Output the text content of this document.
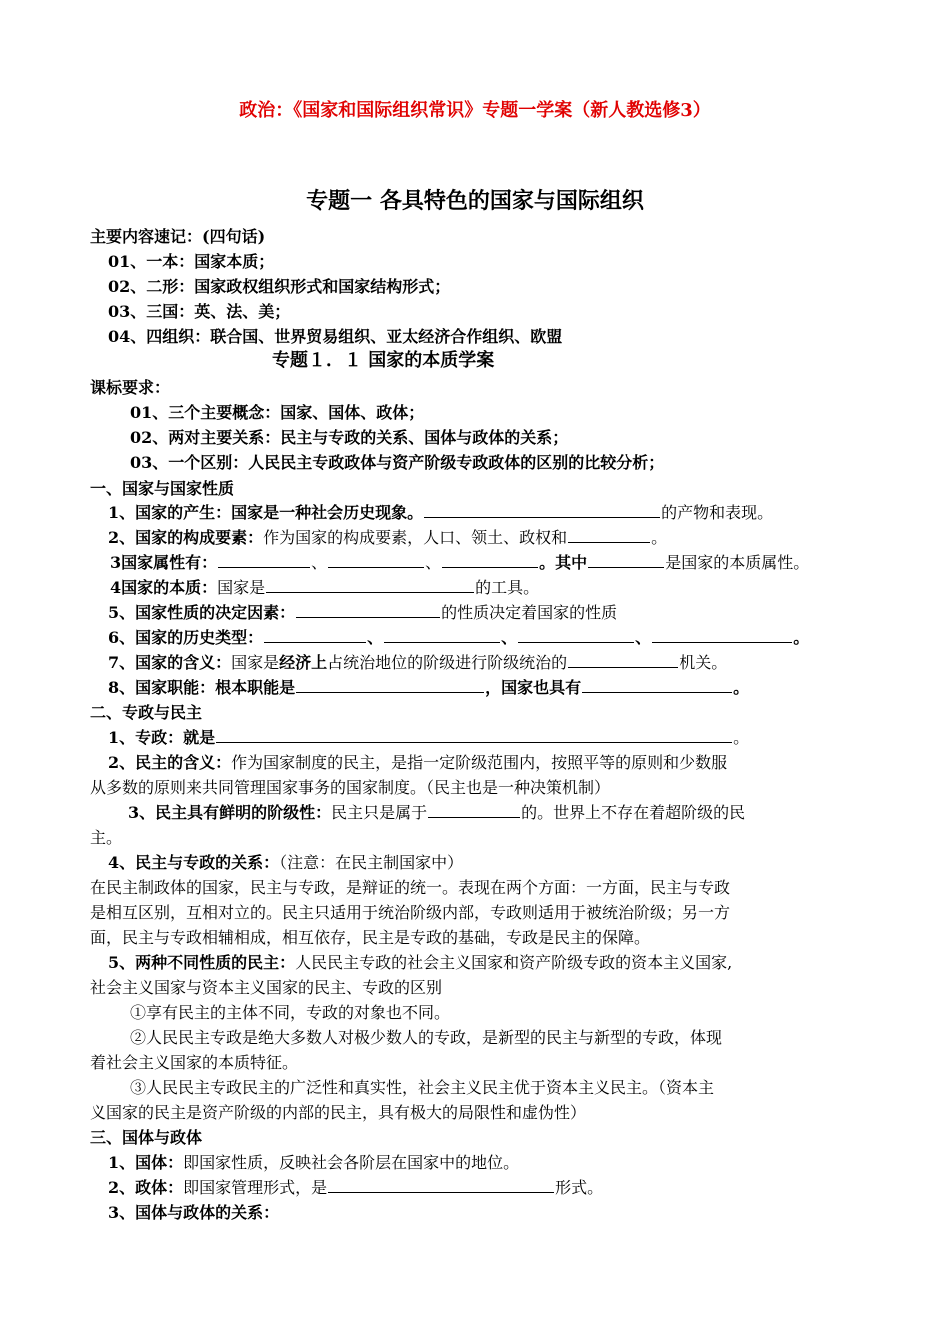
政治：《国家和国际组织常识》专题一学案（新人教选修3）
专题一 各具特色的国家与国际组织
主要内容速记：(四句话)
01、一本：国家本质；
02、二形：国家政权组织形式和国家结构形式；
03、三国：英、法、美；
04、四组织：联合国、世界贸易组织、亚太经济合作组织、欧盟
专题１．１ 国家的本质学案
课标要求：
01、三个主要概念：国家、国体、政体；
02、两对主要关系：民主与专政的关系、国体与政体的关系；
03、一个区别：人民民主专政政体与资产阶级专政政体的区别的比较分析；
一、国家与国家性质
1、国家的产生：国家是一种社会历史现象。	的产物和表现。
2、国家的构成要素：作为国家的构成要素，人口、领土、政权和	。
3国家属性有：	、	、	。其中	是国家的本质属性。
4国家的本质：国家是	的工具。
5、国家性质的决定因素：	的性质决定着国家的性质
6、国家的历史类型：	、	、	、	。
7、国家的含义：国家是经济上占统治地位的阶级进行阶级统治的	机关。
8、国家职能：根本职能是	，国家也具有	。
二、专政与民主
1、专政：就是	。
2、民主的含义：作为国家制度的民主，是指一定阶级范围内，按照平等的原则和少数服
从多数的原则来共同管理国家事务的国家制度。（民主也是一种决策机制）
3、民主具有鲜明的阶级性：民主只是属于	的。世界上不存在着超阶级的民
主。
4、民主与专政的关系：（注意：在民主制国家中）
在民主制政体的国家，民主与专政，是辩证的统一。表现在两个方面：一方面，民主与专政
是相互区别，互相对立的。民主只适用于统治阶级内部，专政则适用于被统治阶级；另一方
面，民主与专政相辅相成，相互依存，民主是专政的基础，专政是民主的保障。
5、两种不同性质的民主：人民民主专政的社会主义国家和资产阶级专政的资本主义国家,
社会主义国家与资本主义国家的民主、专政的区别
①享有民主的主体不同，专政的对象也不同。
②人民民主专政是绝大多数人对极少数人的专政，是新型的民主与新型的专政，体现
着社会主义国家的本质特征。
③人民民主专政民主的广泛性和真实性，社会主义民主优于资本主义民主。（资本主
义国家的民主是资产阶级的内部的民主，具有极大的局限性和虚伪性）
三、国体与政体
1、国体：即国家性质，反映社会各阶层在国家中的地位。
2、政体：即国家管理形式，是	形式。
3、国体与政体的关系：
